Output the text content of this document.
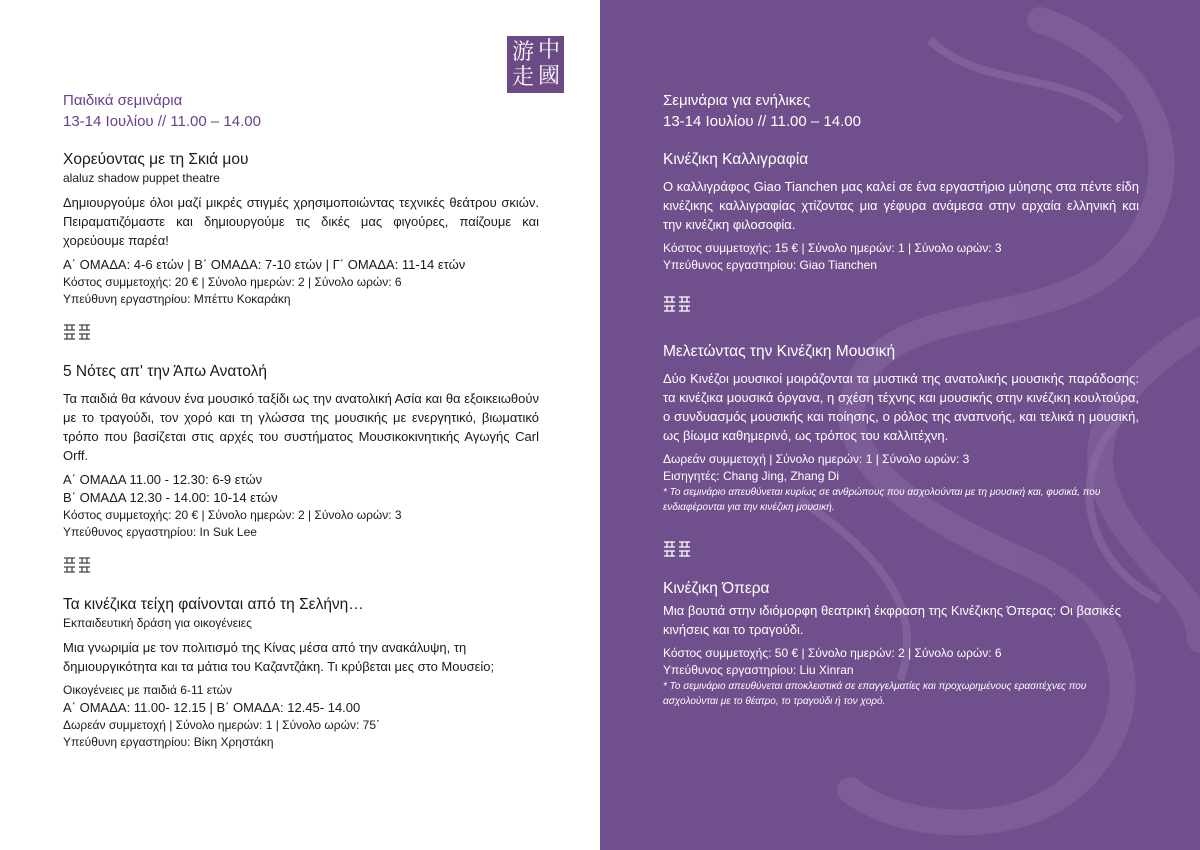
中
游
國
走
Παιδικά σεμινάρια
13-14 Ιουλίου // 11.00 – 14.00
Χορεύοντας με τη Σκιά μου
alaluz shadow puppet theatre
Δημιουργούμε όλοι μαζί μικρές στιγμές χρησιμοποιώντας τεχνικές θεάτρου σκιών. Πειραματιζόμαστε και δημιουργούμε τις δικές μας φιγούρες, παίζουμε και χορεύουμε παρέα!
Α΄ ΟΜΑΔΑ: 4-6 ετών | Β΄ ΟΜΑΔΑ: 7-10 ετών | Γ΄ ΟΜΑΔΑ: 11-14 ετών
Κόστος συμμετοχής: 20 € | Σύνολο ημερών: 2 | Σύνολο ωρών: 6
Υπεύθυνη εργαστηρίου: Μπέττυ Κοκαράκη
5 Νότες απ' την Άπω Ανατολή
Τα παιδιά θα κάνουν ένα μουσικό ταξίδι ως την ανατολική Ασία και θα εξοικειωθούν με το τραγούδι, τον χορό και τη γλώσσα της μουσικής με ενεργητικό, βιωματικό τρόπο που βασίζεται στις αρχές του συστήματος Μουσικοκινητικής Αγωγής Carl Orff.
Α΄ ΟΜΑΔΑ 11.00 - 12.30: 6-9 ετών
Β΄ ΟΜΑΔΑ 12.30 - 14.00: 10-14 ετών
Κόστος συμμετοχής: 20 € | Σύνολο ημερών: 2 | Σύνολο ωρών: 3
Υπεύθυνος εργαστηρίου: In Suk Lee
Τα κινέζικα τείχη φαίνονται από τη Σελήνη…
Εκπαιδευτική δράση για οικογένειες
Μια γνωριμία με τον πολιτισμό της Κίνας μέσα από την ανακάλυψη, τη δημιουργικότητα και τα μάτια του Καζαντζάκη. Τι κρύβεται μες στο Μουσείο;
Οικογένειες με παιδιά 6-11 ετών
Α΄ ΟΜΑΔΑ: 11.00- 12.15 | Β΄ ΟΜΑΔΑ: 12.45- 14.00
Δωρεάν συμμετοχή | Σύνολο ημερών: 1 | Σύνολο ωρών: 75΄
Υπεύθυνη εργαστηρίου: Βίκη Χρηστάκη
Σεμινάρια για ενήλικες
13-14 Ιουλίου // 11.00 – 14.00
Κινέζικη Καλλιγραφία
Ο καλλιγράφος Giao Tianchen μας καλεί σε ένα εργαστήριο μύησης στα πέντε είδη κινέζικης καλλιγραφίας χτίζοντας μια γέφυρα ανάμεσα στην αρχαία ελληνική και την κινέζικη φιλοσοφία.
Κόστος συμμετοχής: 15 € | Σύνολο ημερών: 1 | Σύνολο ωρών: 3
Υπεύθυνος εργαστηρίου: Giao Tianchen
Μελετώντας την Κινέζικη Μουσική
Δύο Κινέζοι μουσικοί μοιράζονται τα μυστικά της ανατολικής μουσικής παράδοσης: τα κινέζικα μουσικά όργανα, η σχέση τέχνης και μουσικής στην κινέζικη κουλτούρα, ο συνδυασμός μουσικής και ποίησης, ο ρόλος της αναπνοής, και τελικά η μουσική, ως βίωμα καθημερινό, ως τρόπος του καλλιτέχνη.
Δωρεάν συμμετοχή | Σύνολο ημερών: 1 | Σύνολο ωρών: 3
Εισηγητές: Chang Jing, Zhang Di
* Το σεμινάριο απευθύνεται κυρίως σε ανθρώπους που ασχολούνται με τη μουσική και, φυσικά, που ενδιαφέρονται για την κινέζικη μουσική.
Κινέζικη Όπερα
Μια βουτιά στην ιδιόμορφη θεατρική έκφραση της Κινέζικης Όπερας: Οι βασικές κινήσεις και το τραγούδι.
Κόστος συμμετοχής: 50 € | Σύνολο ημερών: 2 | Σύνολο ωρών: 6
Υπεύθυνος εργαστηρίου: Liu Xinran
* Το σεμινάριο απευθύνεται αποκλειστικά σε επαγγελματίες και προχωρημένους ερασιτέχνες που ασχολούνται με το θέατρο, το τραγούδι ή τον χορό.
